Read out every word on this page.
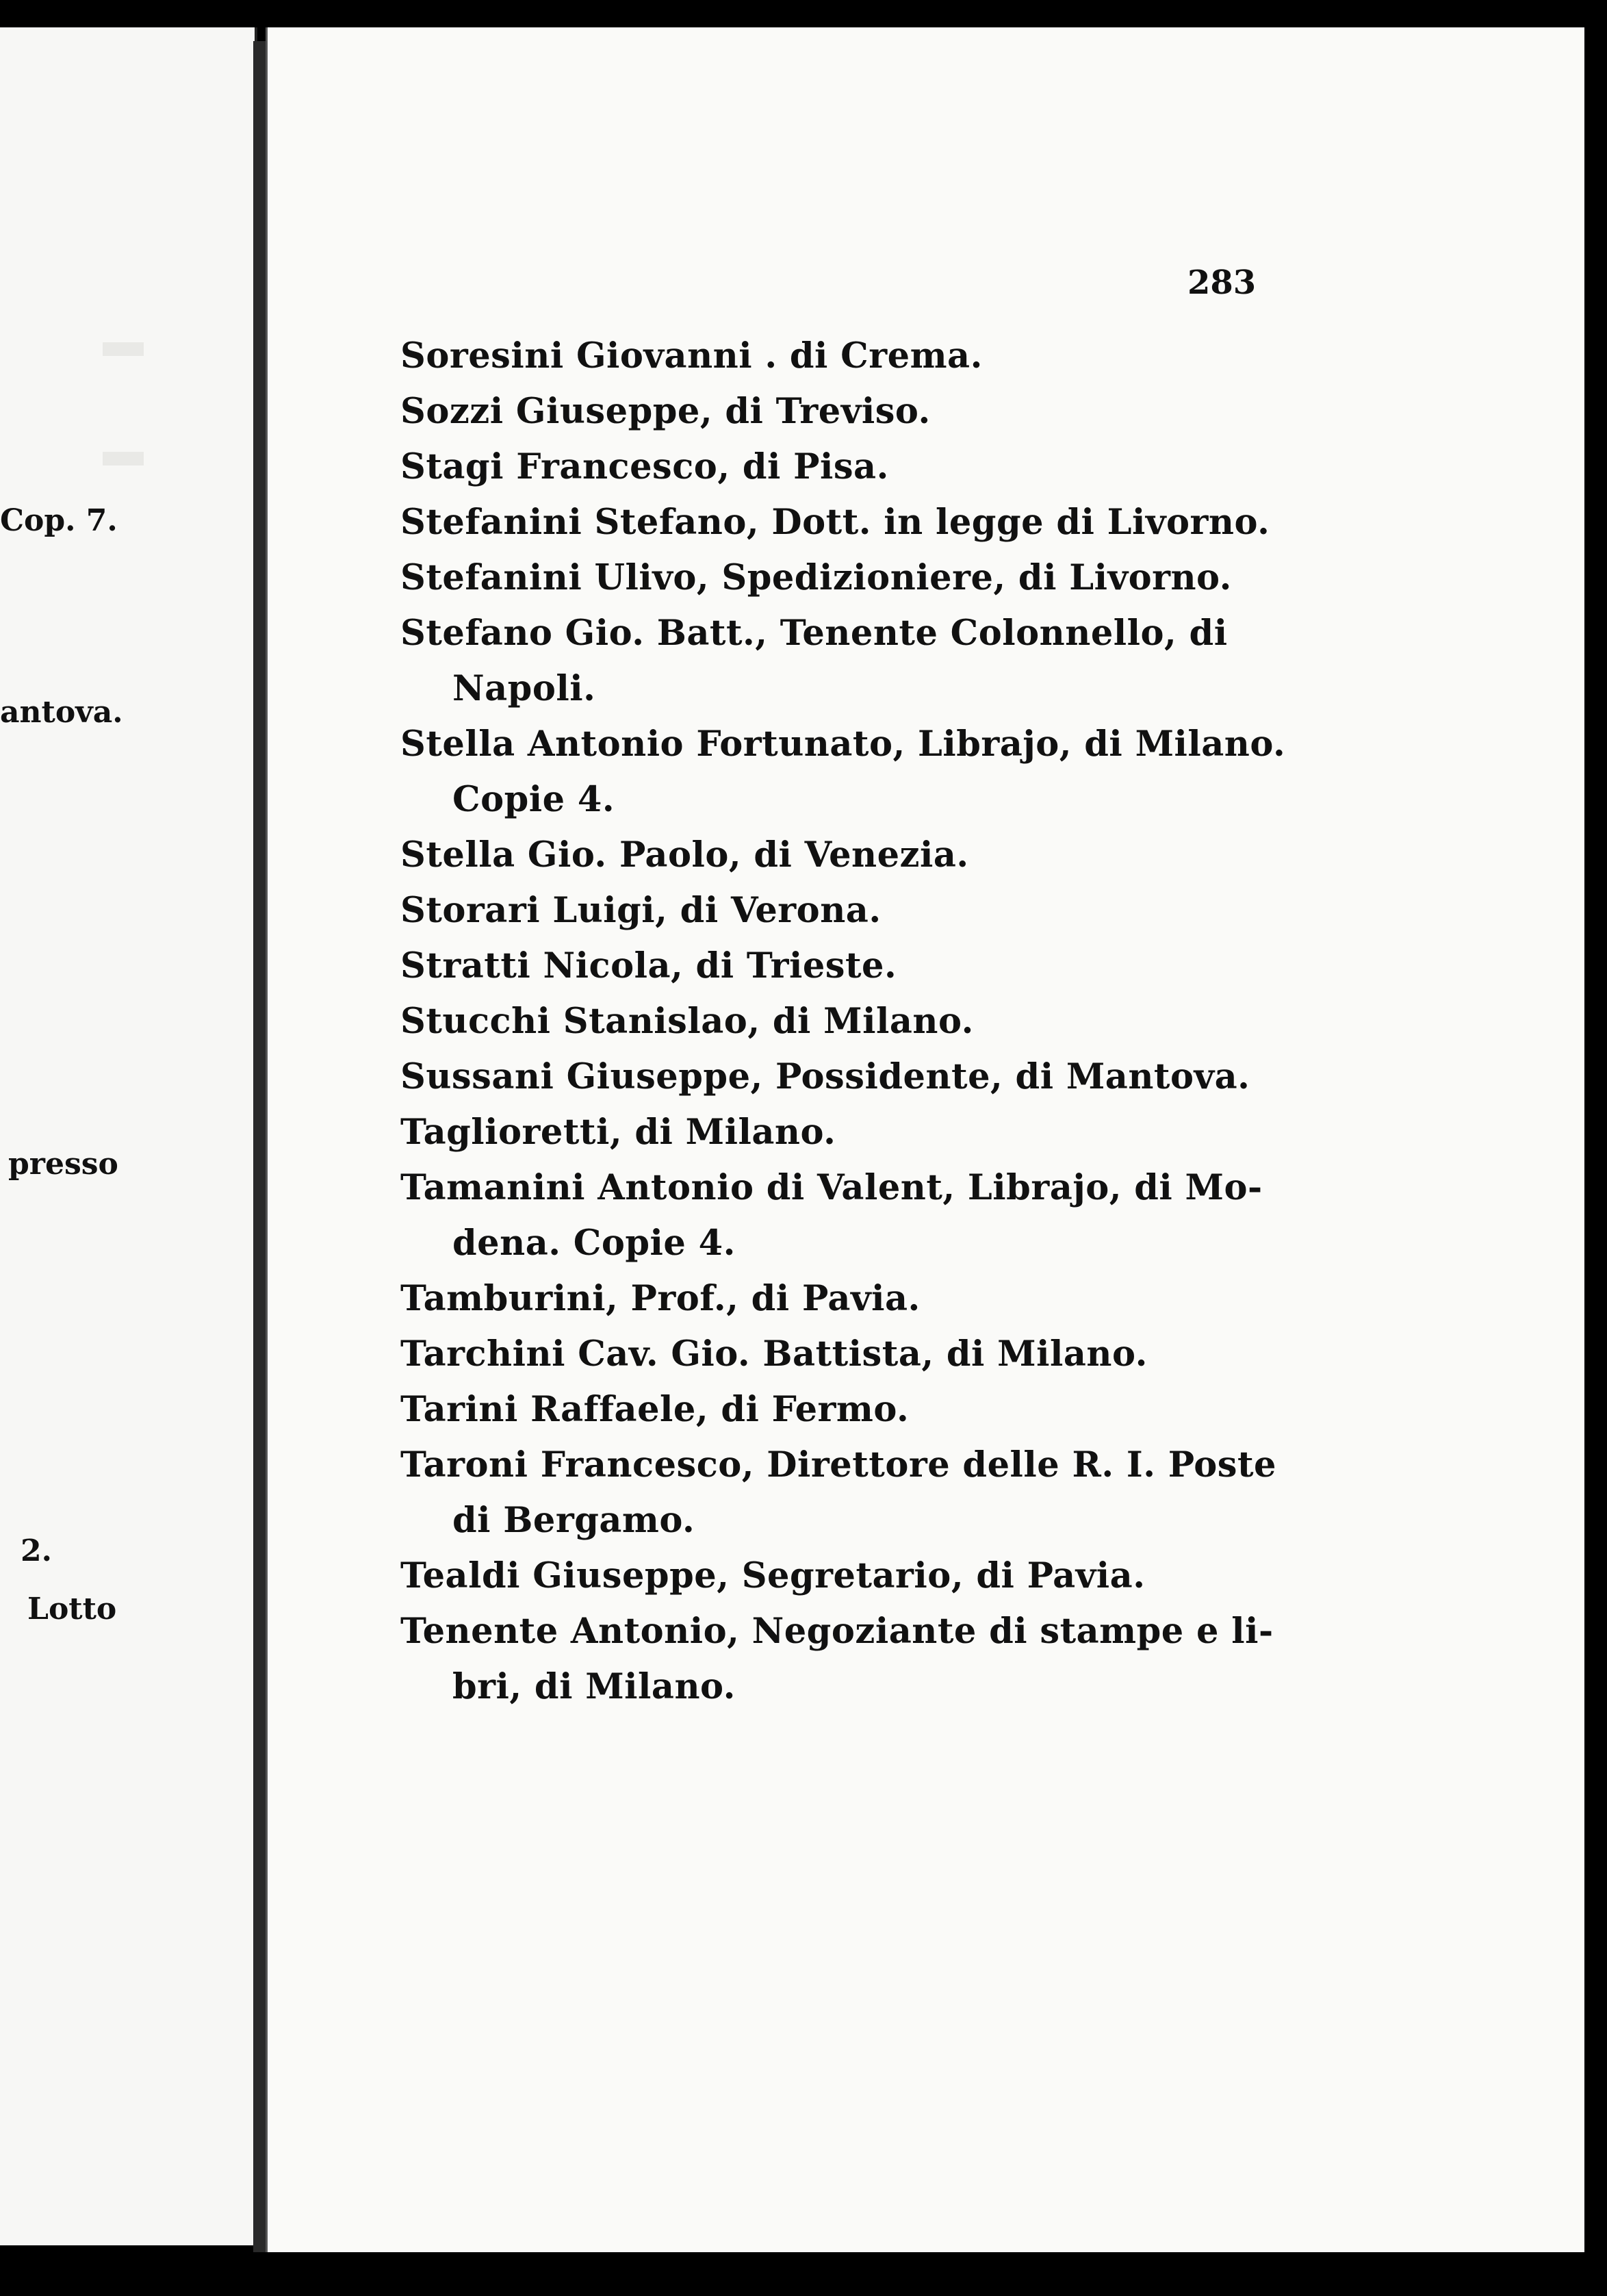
Cop. 7.
antova.
presso
2.
Lotto
283
Soresini Giovanni . di Crema.
Sozzi Giuseppe, di Treviso.
Stagi Francesco, di Pisa.
Stefanini Stefano, Dott. in legge di Livorno.
Stefanini Ulivo, Spedizioniere, di Livorno.
Stefano Gio. Batt., Tenente Colonnello, di
Napoli.
Stella Antonio Fortunato, Librajo, di Milano.
Copie 4.
Stella Gio. Paolo, di Venezia.
Storari Luigi, di Verona.
Stratti Nicola, di Trieste.
Stucchi Stanislao, di Milano.
Sussani Giuseppe, Possidente, di Mantova.
Taglioretti, di Milano.
Tamanini Antonio di Valent, Librajo, di Mo-
dena. Copie 4.
Tamburini, Prof., di Pavia.
Tarchini Cav. Gio. Battista, di Milano.
Tarini Raffaele, di Fermo.
Taroni Francesco, Direttore delle R. I. Poste
di Bergamo.
Tealdi Giuseppe, Segretario, di Pavia.
Tenente Antonio, Negoziante di stampe e li-
bri, di Milano.
